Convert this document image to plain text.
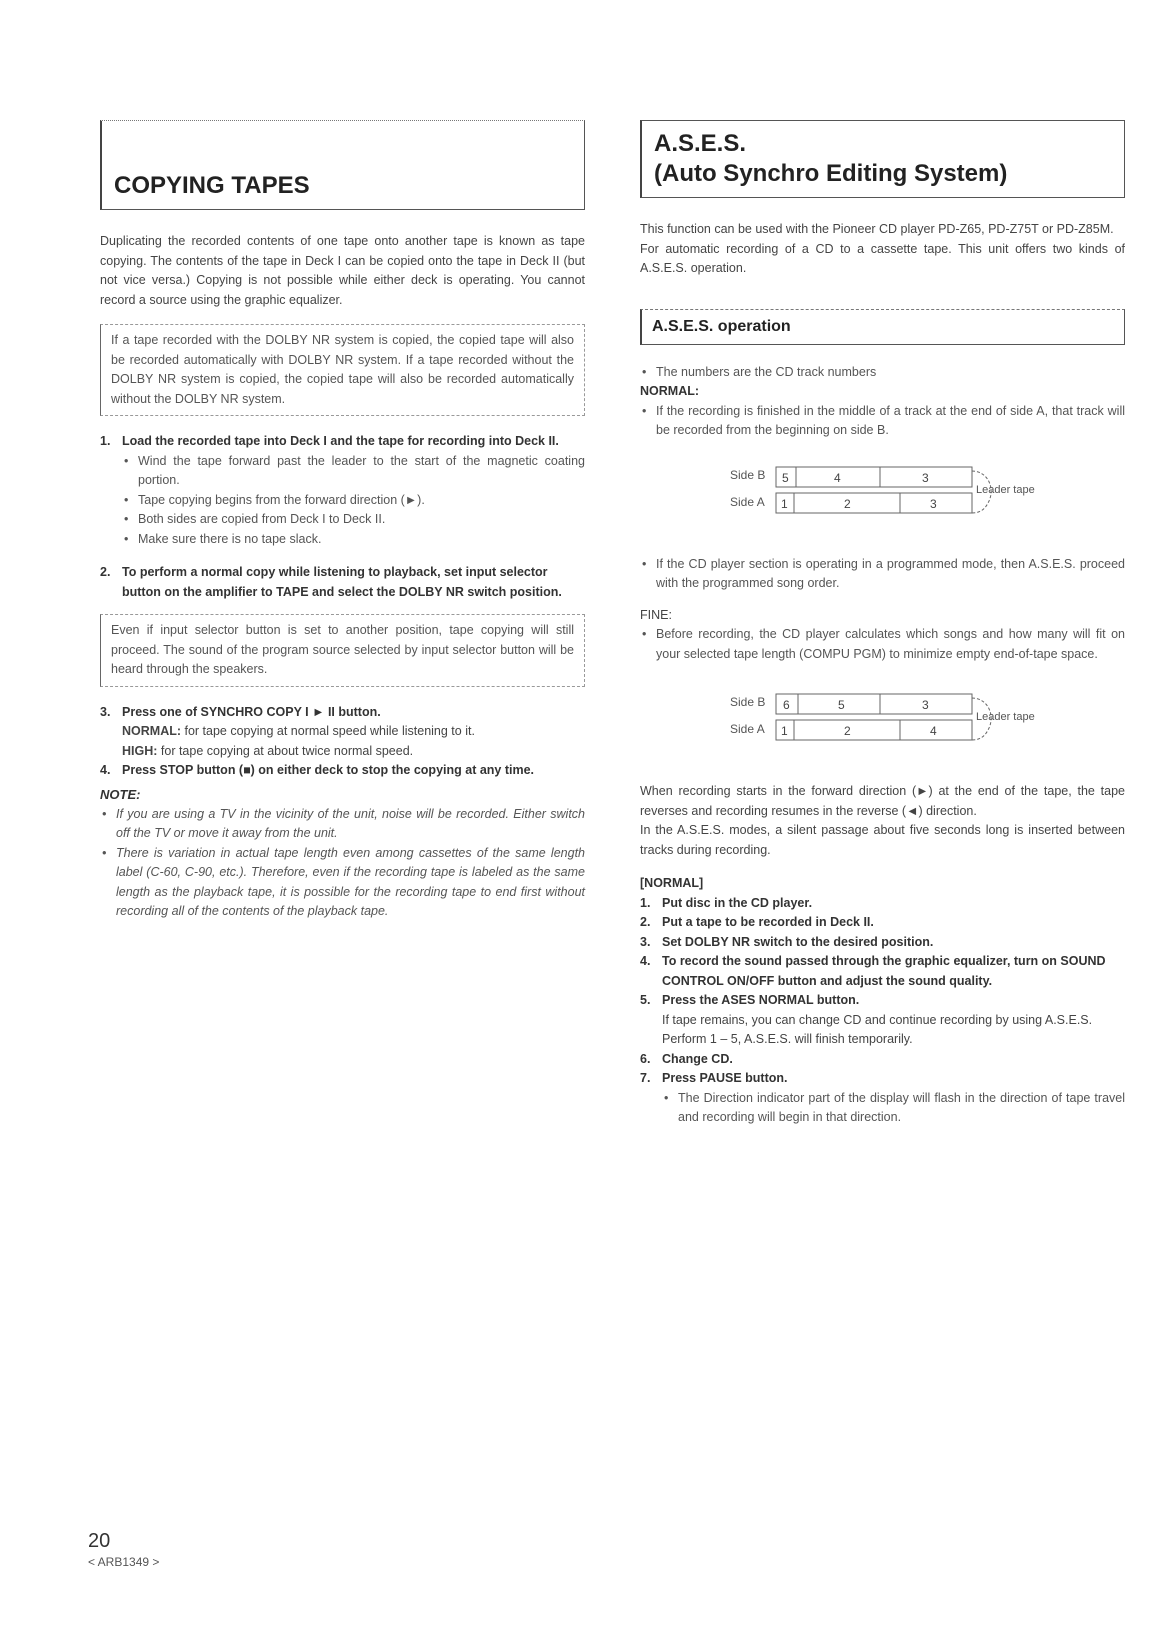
COPYING TAPES

Duplicating the recorded contents of one tape onto another tape is known as tape copying. The contents of the tape in Deck I can be copied onto the tape in Deck II (but not vice versa.) Copying is not possible while either deck is operating. You cannot record a source using the graphic equalizer.

If a tape recorded with the DOLBY NR system is copied, the copied tape will also be recorded automatically with DOLBY NR system. If a tape recorded without the DOLBY NR system is copied, the copied tape will also be recorded automatically without the DOLBY NR system.

1. Load the recorded tape into Deck I and the tape for recording into Deck II.

• Wind the tape forward past the leader to the start of the magnetic coating portion.
• Tape copying begins from the forward direction (►).
• Both sides are copied from Deck I to Deck II.
• Make sure there is no tape slack.
2. To perform a normal copy while listening to playback, set input selector button on the amplifier to TAPE and select the DOLBY NR switch position.

Even if input selector button is set to another position, tape copying will still proceed. The sound of the program source selected by input selector button will be heard through the speakers.

3. Press one of SYNCHRO COPY I ► II button.

NORMAL: for tape copying at normal speed while listening to it.

HIGH: for tape copying at about twice normal speed.

4. Press STOP button (■) on either deck to stop the copying at any time.

NOTE:

• If you are using a TV in the vicinity of the unit, noise will be recorded. Either switch off the TV or move it away from the unit.
• There is variation in actual tape length even among cassettes of the same length label (C-60, C-90, etc.). Therefore, even if the recording tape is labeled as the same length as the playback tape, it is possible for the recording tape to end first without recording all of the contents of the playback tape.
A.S.E.S.
(Auto Synchro Editing System)

This function can be used with the Pioneer CD player PD-Z65, PD-Z75T or PD-Z85M.

For automatic recording of a CD to a cassette tape. This unit offers two kinds of A.S.E.S. operation.

A.S.E.S. operation
• The numbers are the CD track numbers

NORMAL:

• If the recording is finished in the middle of a track at the end of side A, that track will be recorded from the beginning on side B.
Side B
Side A
5	4	3
1	2	3
Leader tape
• If the CD player section is operating in a programmed mode, then A.S.E.S. proceed with the programmed song order.

FINE:

• Before recording, the CD player calculates which songs and how many will fit on your selected tape length (COMPU PGM) to minimize empty end-of-tape space.
Side B
Side A
6	5	3
1	2	4
Leader tape

When recording starts in the forward direction (►) at the end of the tape, the tape reverses and recording resumes in the reverse (◄) direction.

In the A.S.E.S. modes, a silent passage about five seconds long is inserted between tracks during recording.

[NORMAL]

1. Put disc in the CD player.

2. Put a tape to be recorded in Deck II.

3. Set DOLBY NR switch to the desired position.

4. To record the sound passed through the graphic equalizer, turn on SOUND CONTROL ON/OFF button and adjust the sound quality.

5. Press the ASES NORMAL button.

If tape remains, you can change CD and continue recording by using A.S.E.S.

Perform 1 – 5, A.S.E.S. will finish temporarily.

6. Change CD.

7. Press PAUSE button.

• The Direction indicator part of the display will flash in the direction of tape travel and recording will begin in that direction.

20

< ARB1349 >
